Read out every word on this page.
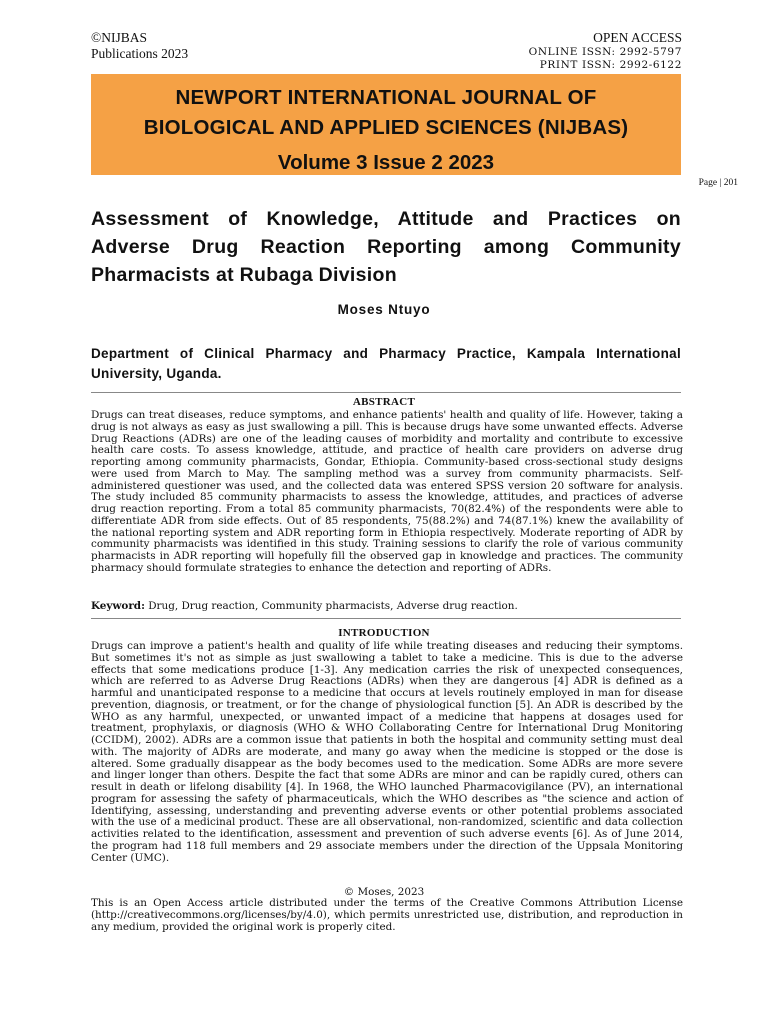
©NIJBAS
Publications 2023
OPEN ACCESS
ONLINE ISSN: 2992-5797
PRINT ISSN: 2992-6122
NEWPORT INTERNATIONAL JOURNAL OF
BIOLOGICAL AND APPLIED SCIENCES (NIJBAS)
Volume 3 Issue 2 2023
Page | 201
Assessment of Knowledge, Attitude and Practices on Adverse Drug Reaction Reporting among Community Pharmacists at Rubaga Division
Moses Ntuyo
Department of Clinical Pharmacy and Pharmacy Practice, Kampala International University, Uganda.
ABSTRACT
Drugs can treat diseases, reduce symptoms, and enhance patients' health and quality of life. However, taking a drug is not always as easy as just swallowing a pill. This is because drugs have some unwanted effects. Adverse Drug Reactions (ADRs) are one of the leading causes of morbidity and mortality and contribute to excessive health care costs. To assess knowledge, attitude, and practice of health care providers on adverse drug reporting among community pharmacists, Gondar, Ethiopia. Community-based cross-sectional study designs were used from March to May. The sampling method was a survey from community pharmacists. Self-administered questioner was used, and the collected data was entered SPSS version 20 software for analysis. The study included 85 community pharmacists to assess the knowledge, attitudes, and practices of adverse drug reaction reporting. From a total 85 community pharmacists, 70(82.4%) of the respondents were able to differentiate ADR from side effects. Out of 85 respondents, 75(88.2%) and 74(87.1%) knew the availability of the national reporting system and ADR reporting form in Ethiopia respectively. Moderate reporting of ADR by community pharmacists was identified in this study. Training sessions to clarify the role of various community pharmacists in ADR reporting will hopefully fill the observed gap in knowledge and practices. The community pharmacy should formulate strategies to enhance the detection and reporting of ADRs.
Keyword: Drug, Drug reaction, Community pharmacists, Adverse drug reaction.
INTRODUCTION
Drugs can improve a patient's health and quality of life while treating diseases and reducing their symptoms. But sometimes it's not as simple as just swallowing a tablet to take a medicine. This is due to the adverse effects that some medications produce [1-3]. Any medication carries the risk of unexpected consequences, which are referred to as Adverse Drug Reactions (ADRs) when they are dangerous [4] ADR is defined as a harmful and unanticipated response to a medicine that occurs at levels routinely employed in man for disease prevention, diagnosis, or treatment, or for the change of physiological function [5]. An ADR is described by the WHO as any harmful, unexpected, or unwanted impact of a medicine that happens at dosages used for treatment, prophylaxis, or diagnosis (WHO & WHO Collaborating Centre for International Drug Monitoring (CCIDM), 2002). ADRs are a common issue that patients in both the hospital and community setting must deal with. The majority of ADRs are moderate, and many go away when the medicine is stopped or the dose is altered. Some gradually disappear as the body becomes used to the medication. Some ADRs are more severe and linger longer than others. Despite the fact that some ADRs are minor and can be rapidly cured, others can result in death or lifelong disability [4]. In 1968, the WHO launched Pharmacovigilance (PV), an international program for assessing the safety of pharmaceuticals, which the WHO describes as "the science and action of Identifying, assessing, understanding and preventing adverse events or other potential problems associated with the use of a medicinal product. These are all observational, non-randomized, scientific and data collection activities related to the identification, assessment and prevention of such adverse events [6]. As of June 2014, the program had 118 full members and 29 associate members under the direction of the Uppsala Monitoring Center (UMC).
© Moses, 2023
This is an Open Access article distributed under the terms of the Creative Commons Attribution License (http://creativecommons.org/licenses/by/4.0), which permits unrestricted use, distribution, and reproduction in any medium, provided the original work is properly cited.
